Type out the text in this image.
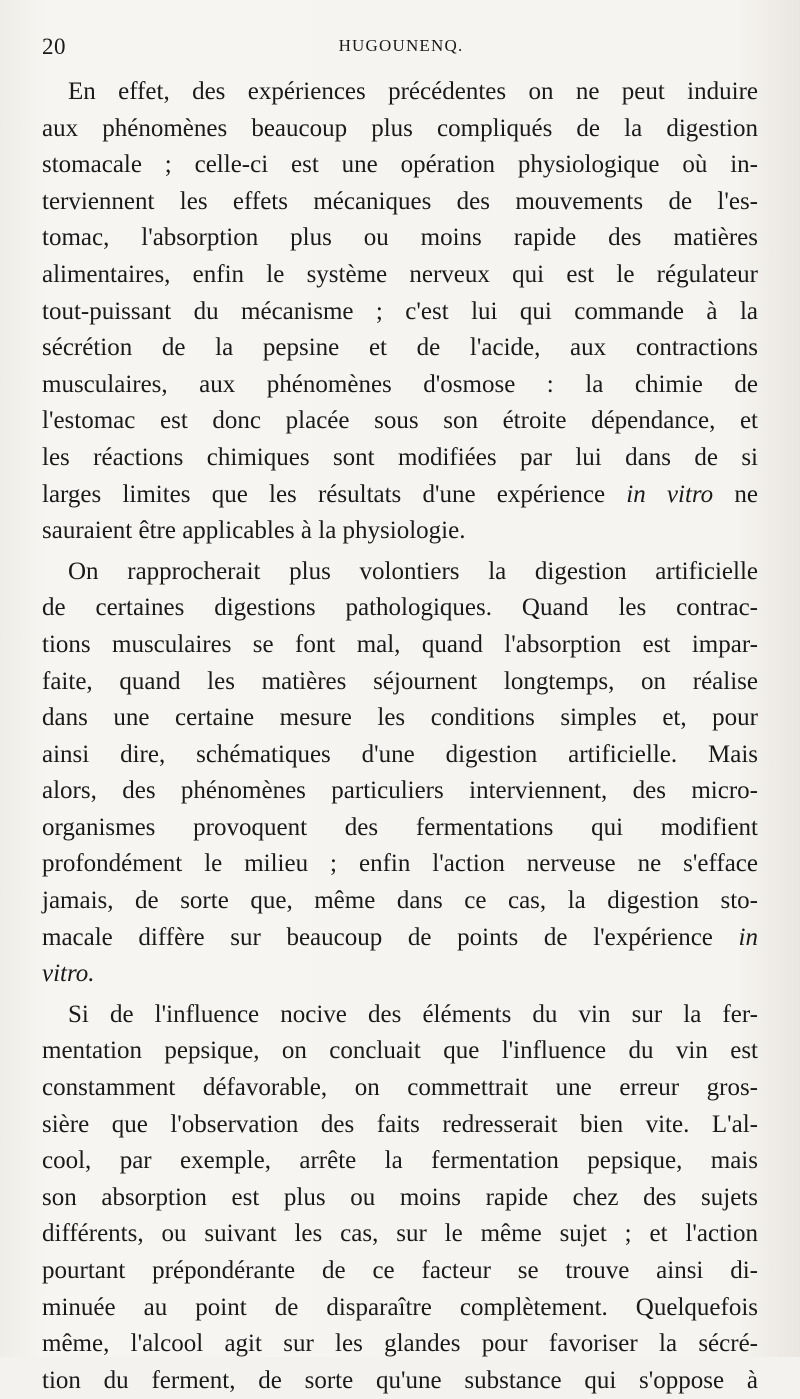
20	HUGOUNENQ.
En effet, des expériences précédentes on ne peut induire
aux phénomènes beaucoup plus compliqués de la digestion
stomacale ; celle-ci est une opération physiologique où in-
terviennent les effets mécaniques des mouvements de l'es-
tomac, l'absorption plus ou moins rapide des matières
alimentaires, enfin le système nerveux qui est le régulateur
tout-puissant du mécanisme ; c'est lui qui commande à la
sécrétion de la pepsine et de l'acide, aux contractions
musculaires, aux phénomènes d'osmose : la chimie de
l'estomac est donc placée sous son étroite dépendance, et
les réactions chimiques sont modifiées par lui dans de si
larges limites que les résultats d'une expérience in vitro ne
sauraient être applicables à la physiologie.
On rapprocherait plus volontiers la digestion artificielle
de certaines digestions pathologiques. Quand les contrac-
tions musculaires se font mal, quand l'absorption est impar-
faite, quand les matières séjournent longtemps, on réalise
dans une certaine mesure les conditions simples et, pour
ainsi dire, schématiques d'une digestion artificielle. Mais
alors, des phénomènes particuliers interviennent, des micro-
organismes provoquent des fermentations qui modifient
profondément le milieu ; enfin l'action nerveuse ne s'efface
jamais, de sorte que, même dans ce cas, la digestion sto-
macale diffère sur beaucoup de points de l'expérience in
vitro.
Si de l'influence nocive des éléments du vin sur la fer-
mentation pepsique, on concluait que l'influence du vin est
constamment défavorable, on commettrait une erreur gros-
sière que l'observation des faits redresserait bien vite. L'al-
cool, par exemple, arrête la fermentation pepsique, mais
son absorption est plus ou moins rapide chez des sujets
différents, ou suivant les cas, sur le même sujet ; et l'action
pourtant prépondérante de ce facteur se trouve ainsi di-
minuée au point de disparaître complètement. Quelquefois
même, l'alcool agit sur les glandes pour favoriser la sécré-
tion du ferment, de sorte qu'une substance qui s'oppose à
